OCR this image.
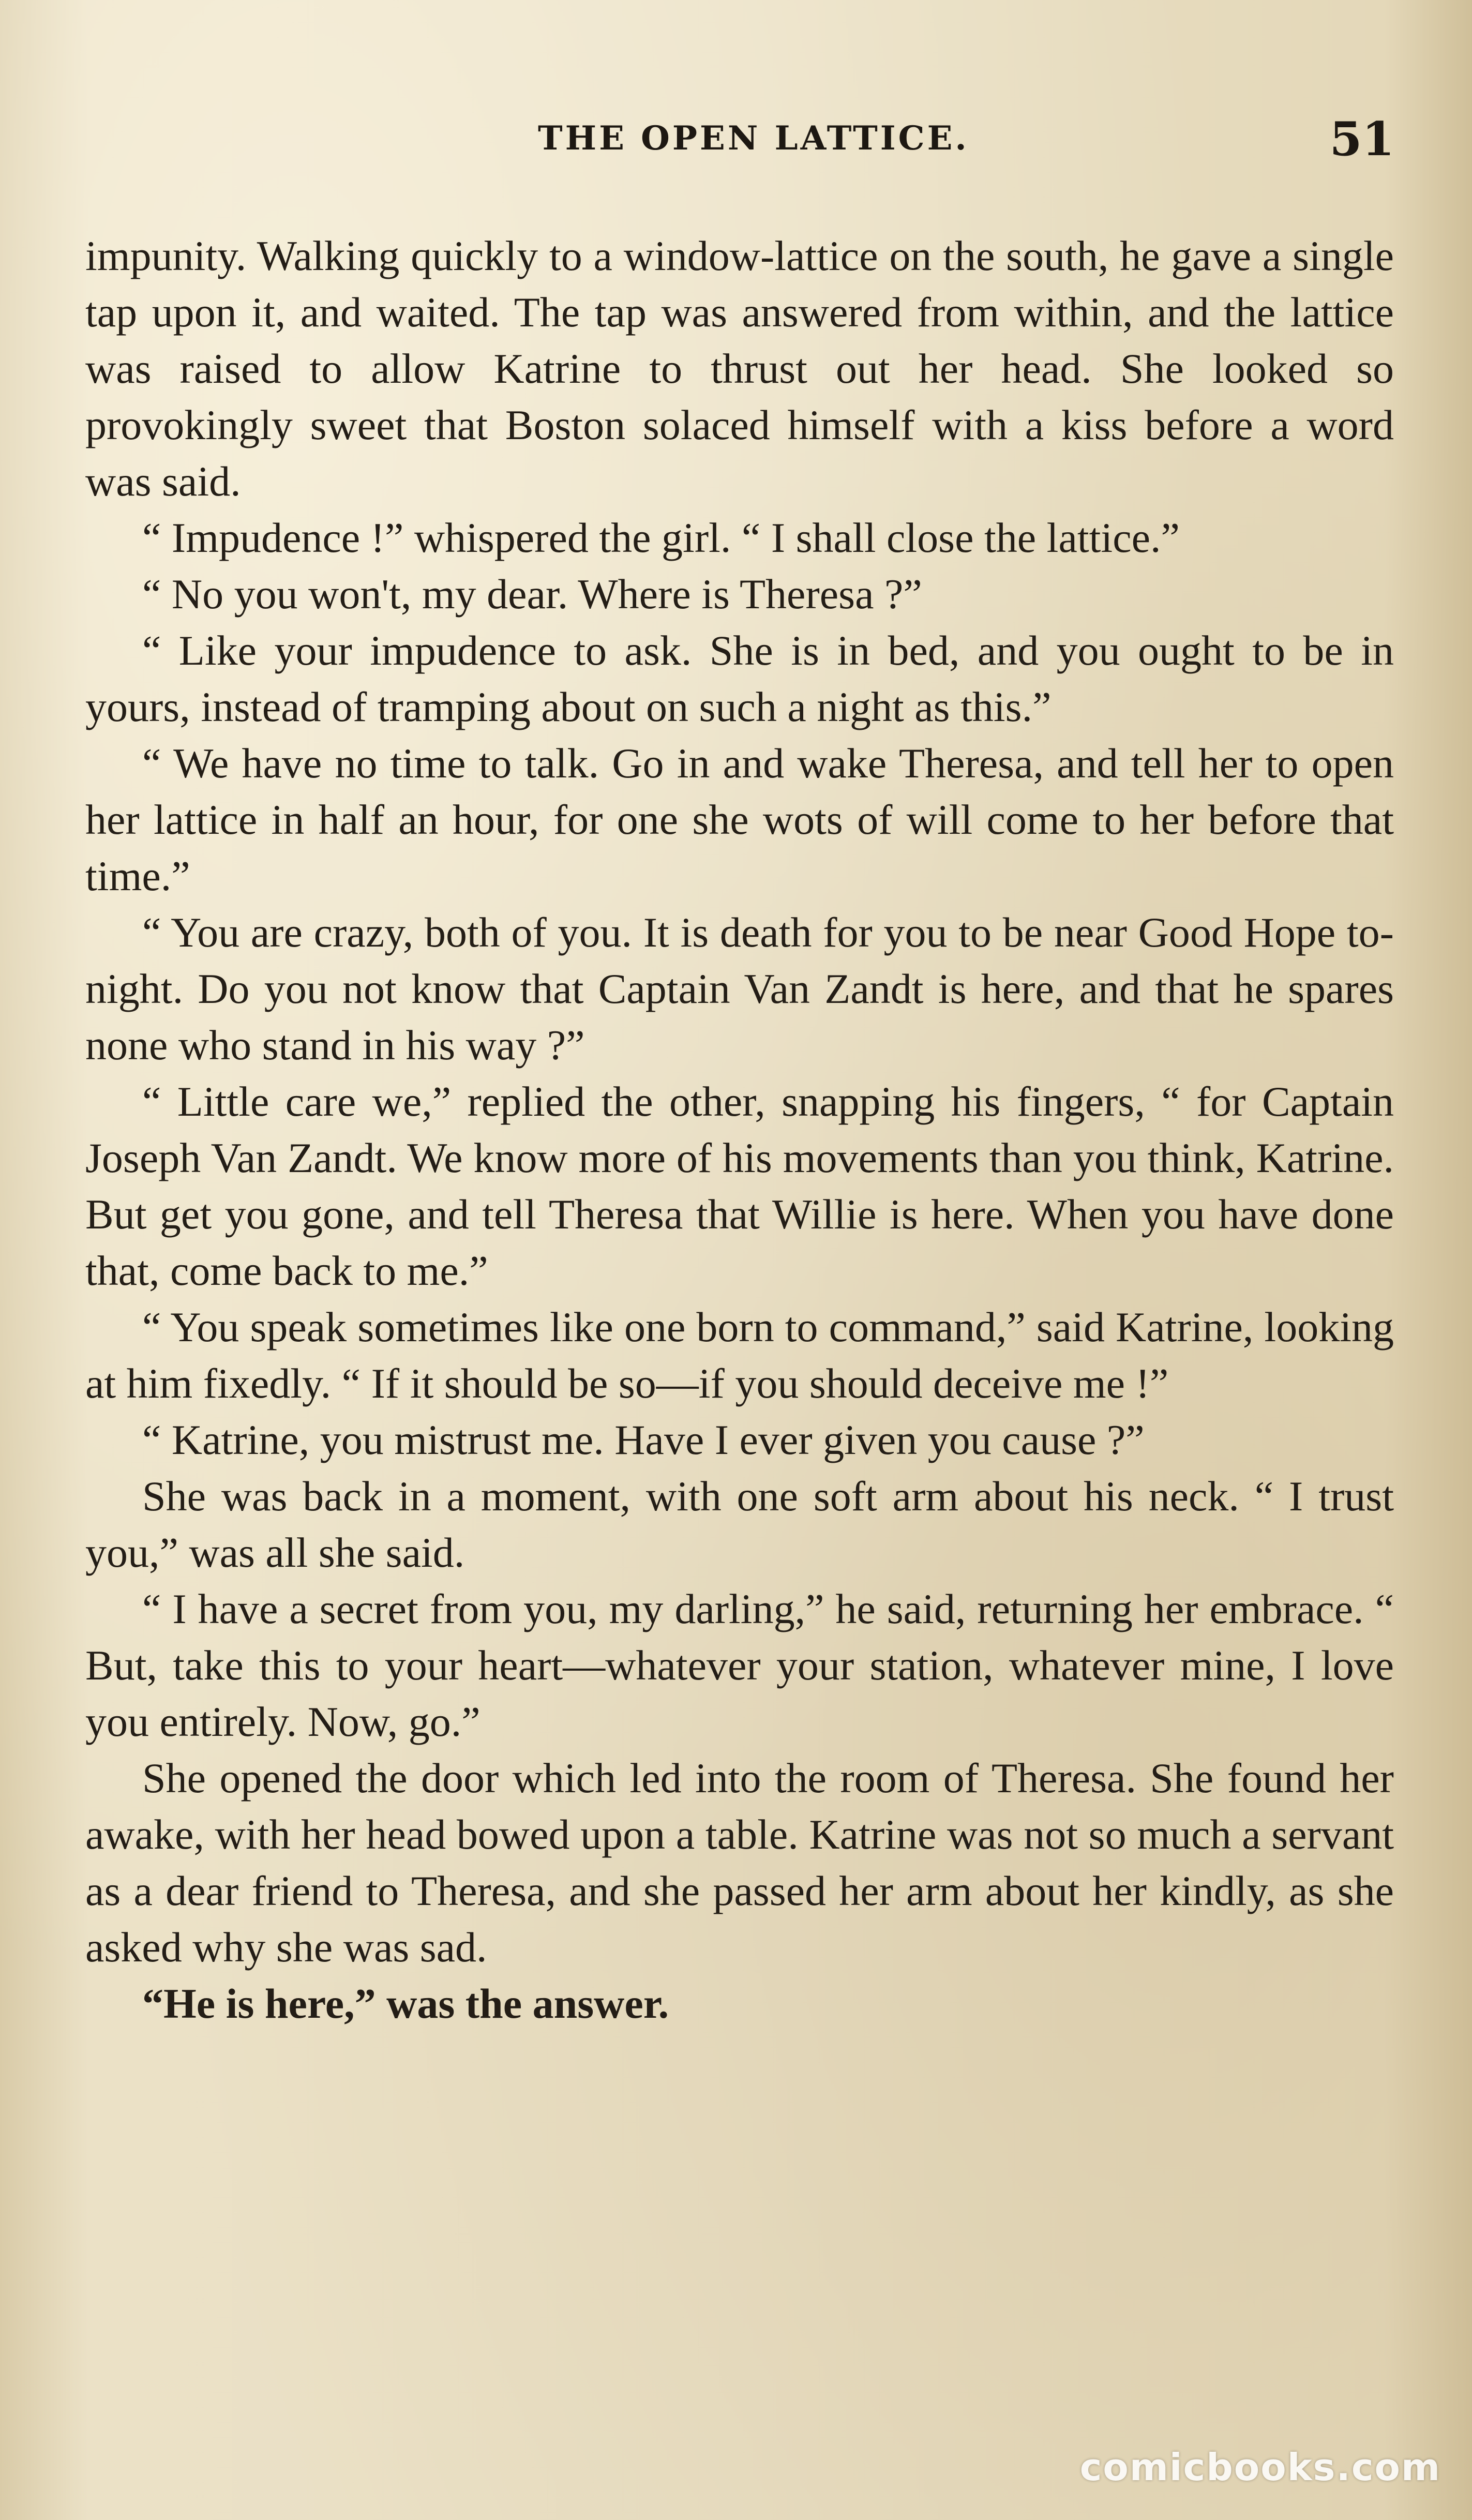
THE OPEN LATTICE.	51

impunity. Walking quickly to a window-lattice on the south, he gave a single tap upon it, and waited. The tap was answered from within, and the lattice was raised to allow Katrine to thrust out her head. She looked so provokingly sweet that Boston solaced himself with a kiss before a word was said.

“ Impudence !” whispered the girl. “ I shall close the lattice.”

“ No you won't, my dear. Where is Theresa ?”

“ Like your impudence to ask. She is in bed, and you ought to be in yours, instead of tramping about on such a night as this.”

“ We have no time to talk. Go in and wake Theresa, and tell her to open her lattice in half an hour, for one she wots of will come to her before that time.”

“ You are crazy, both of you. It is death for you to be near Good Hope to-night. Do you not know that Captain Van Zandt is here, and that he spares none who stand in his way ?”

“ Little care we,” replied the other, snapping his fingers, “ for Captain Joseph Van Zandt. We know more of his movements than you think, Katrine. But get you gone, and tell Theresa that Willie is here. When you have done that, come back to me.”

“ You speak sometimes like one born to command,” said Katrine, looking at him fixedly. “ If it should be so—if you should deceive me !”

“ Katrine, you mistrust me. Have I ever given you cause ?”

She was back in a moment, with one soft arm about his neck. “ I trust you,” was all she said.

“ I have a secret from you, my darling,” he said, returning her embrace. “ But, take this to your heart—whatever your station, whatever mine, I love you entirely. Now, go.”

She opened the door which led into the room of Theresa. She found her awake, with her head bowed upon a table. Katrine was not so much a servant as a dear friend to Theresa, and she passed her arm about her kindly, as she asked why she was sad.

“He is here,” was the answer.

comicbooks.com
